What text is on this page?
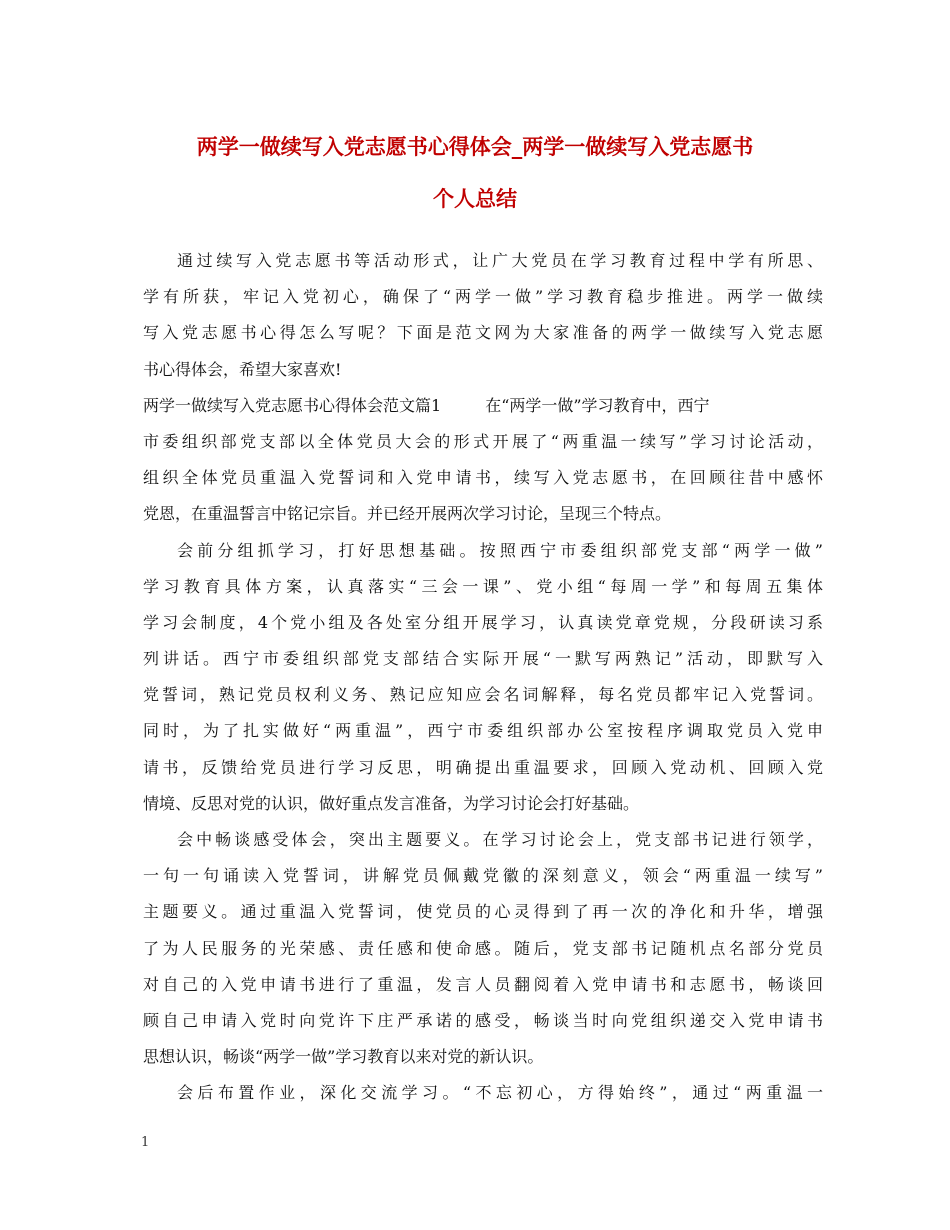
两学一做续写入党志愿书心得体会_两学一做续写入党志愿书
个人总结
通过续写入党志愿书等活动形式，让广大党员在学习教育过程中学有所思、
学有所获，牢记入党初心，确保了“两学一做”学习教育稳步推进。两学一做续
写入党志愿书心得怎么写呢？下面是范文网为大家准备的两学一做续写入党志愿
书心得体会，希望大家喜欢!
两学一做续写入党志愿书心得体会范文篇1	在“两学一做”学习教育中，西宁
市委组织部党支部以全体党员大会的形式开展了“两重温一续写”学习讨论活动，
组织全体党员重温入党誓词和入党申请书，续写入党志愿书，在回顾往昔中感怀
党恩，在重温誓言中铭记宗旨。并已经开展两次学习讨论，呈现三个特点。
会前分组抓学习，打好思想基础。按照西宁市委组织部党支部“两学一做”
学习教育具体方案，认真落实“三会一课”、党小组“每周一学”和每周五集体
学习会制度，4个党小组及各处室分组开展学习，认真读党章党规，分段研读习系
列讲话。西宁市委组织部党支部结合实际开展“一默写两熟记”活动，即默写入
党誓词，熟记党员权利义务、熟记应知应会名词解释，每名党员都牢记入党誓词。
同时，为了扎实做好“两重温”，西宁市委组织部办公室按程序调取党员入党申
请书，反馈给党员进行学习反思，明确提出重温要求，回顾入党动机、回顾入党
情境、反思对党的认识，做好重点发言准备，为学习讨论会打好基础。
会中畅谈感受体会，突出主题要义。在学习讨论会上，党支部书记进行领学，
一句一句诵读入党誓词，讲解党员佩戴党徽的深刻意义，领会“两重温一续写”
主题要义。通过重温入党誓词，使党员的心灵得到了再一次的净化和升华，增强
了为人民服务的光荣感、责任感和使命感。随后，党支部书记随机点名部分党员
对自己的入党申请书进行了重温，发言人员翻阅着入党申请书和志愿书，畅谈回
顾自己申请入党时向党许下庄严承诺的感受，畅谈当时向党组织递交入党申请书
思想认识，畅谈“两学一做”学习教育以来对党的新认识。
会后布置作业，深化交流学习。“不忘初心，方得始终”，通过“两重温一
1
